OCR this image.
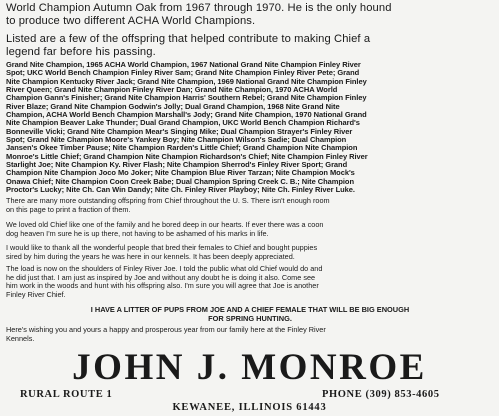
World Champion Autumn Oak from 1967 through 1970. He is the only hound
to produce two different ACHA World Champions.
Listed are a few of the offspring that helped contribute to making Chief a
legend far before his passing.
Grand Nite Champion, 1965 ACHA World Champion, 1967 National Grand Nite Champion Finley River
Spot; UKC World Bench Champion Finley River Sam; Grand Nite Champion Finley River Pete; Grand
Nite Champion Kentucky River Jack; Grand Nite Champion, 1969 National Grand Nite Champion Finley
River Queen; Grand Nite Champion Finley River Dan; Grand Nite Champion, 1970 ACHA World
Champion Gann's Finisher; Grand Nite Champion Harris' Southern Rebel; Grand Nite Champion Finley
River Blaze; Grand Nite Champion Godwin's Jolly; Dual Grand Champion, 1968 Nite Grand Nite
Champion, ACHA World Bench Champion Marshall's Jody; Grand Nite Champion, 1970 National Grand
Nite Champion Beaver Lake Thunder; Dual Grand Champion, UKC World Bench Champion Richard's
Bonneville Vicki; Grand Nite Champion Mear's Singing Mike; Dual Champion Strayer's Finley River
Spot; Grand Nite Champion Moore's Yankey Boy; Nite Champion Wilson's Sadie; Dual Champion
Jansen's Okee Timber Pause; Nite Champion Rarden's Little Chief; Grand Champion Nite Champion
Monroe's Little Chief; Grand Champion Nite Champion Richardson's Chief; Nite Champion Finley River
Starlight Joe; Nite Champion Ky. River Flash; Nite Champion Sherrod's Finley River Sport; Grand
Champion Nite Champion Joco Mo Joker; Nite Champion Blue River Tarzan; Nite Champion Mock's
Onawa Chief; Nite Champion Coon Creek Babe; Dual Champion Spring Creek C. B.; Nite Champion
Proctor's Lucky; Nite Ch. Can Win Dandy; Nite Ch. Finley River Playboy; Nite Ch. Finley River Luke.
There are many more outstanding offspring from Chief throughout the U. S. There isn't enough room
on this page to print a fraction of them.
We loved old Chief like one of the family and he bored deep in our hearts. If ever there was a coon
dog heaven I'm sure he is up there, not having to be ashamed of his marks in life.
I would like to thank all the wonderful people that bred their females to Chief and bought puppies
sired by him during the years he was here in our kennels. It has been deeply appreciated.
The load is now on the shoulders of Finley River Joe. I told the public what old Chief would do and
he did just that. I am just as inspired by Joe and without any doubt he is doing it also. Come see
him work in the woods and hunt with his offspring also. I'm sure you will agree that Joe is another
Finley River Chief.
I HAVE A LITTER OF PUPS FROM JOE AND A CHIEF FEMALE THAT WILL BE BIG ENOUGH
FOR SPRING HUNTING.
Here's wishing you and yours a happy and prosperous year from our family here at the Finley River
Kennels.
JOHN J. MONROE
RURAL ROUTE 1	PHONE (309) 853-4605
KEWANEE, ILLINOIS 61443
